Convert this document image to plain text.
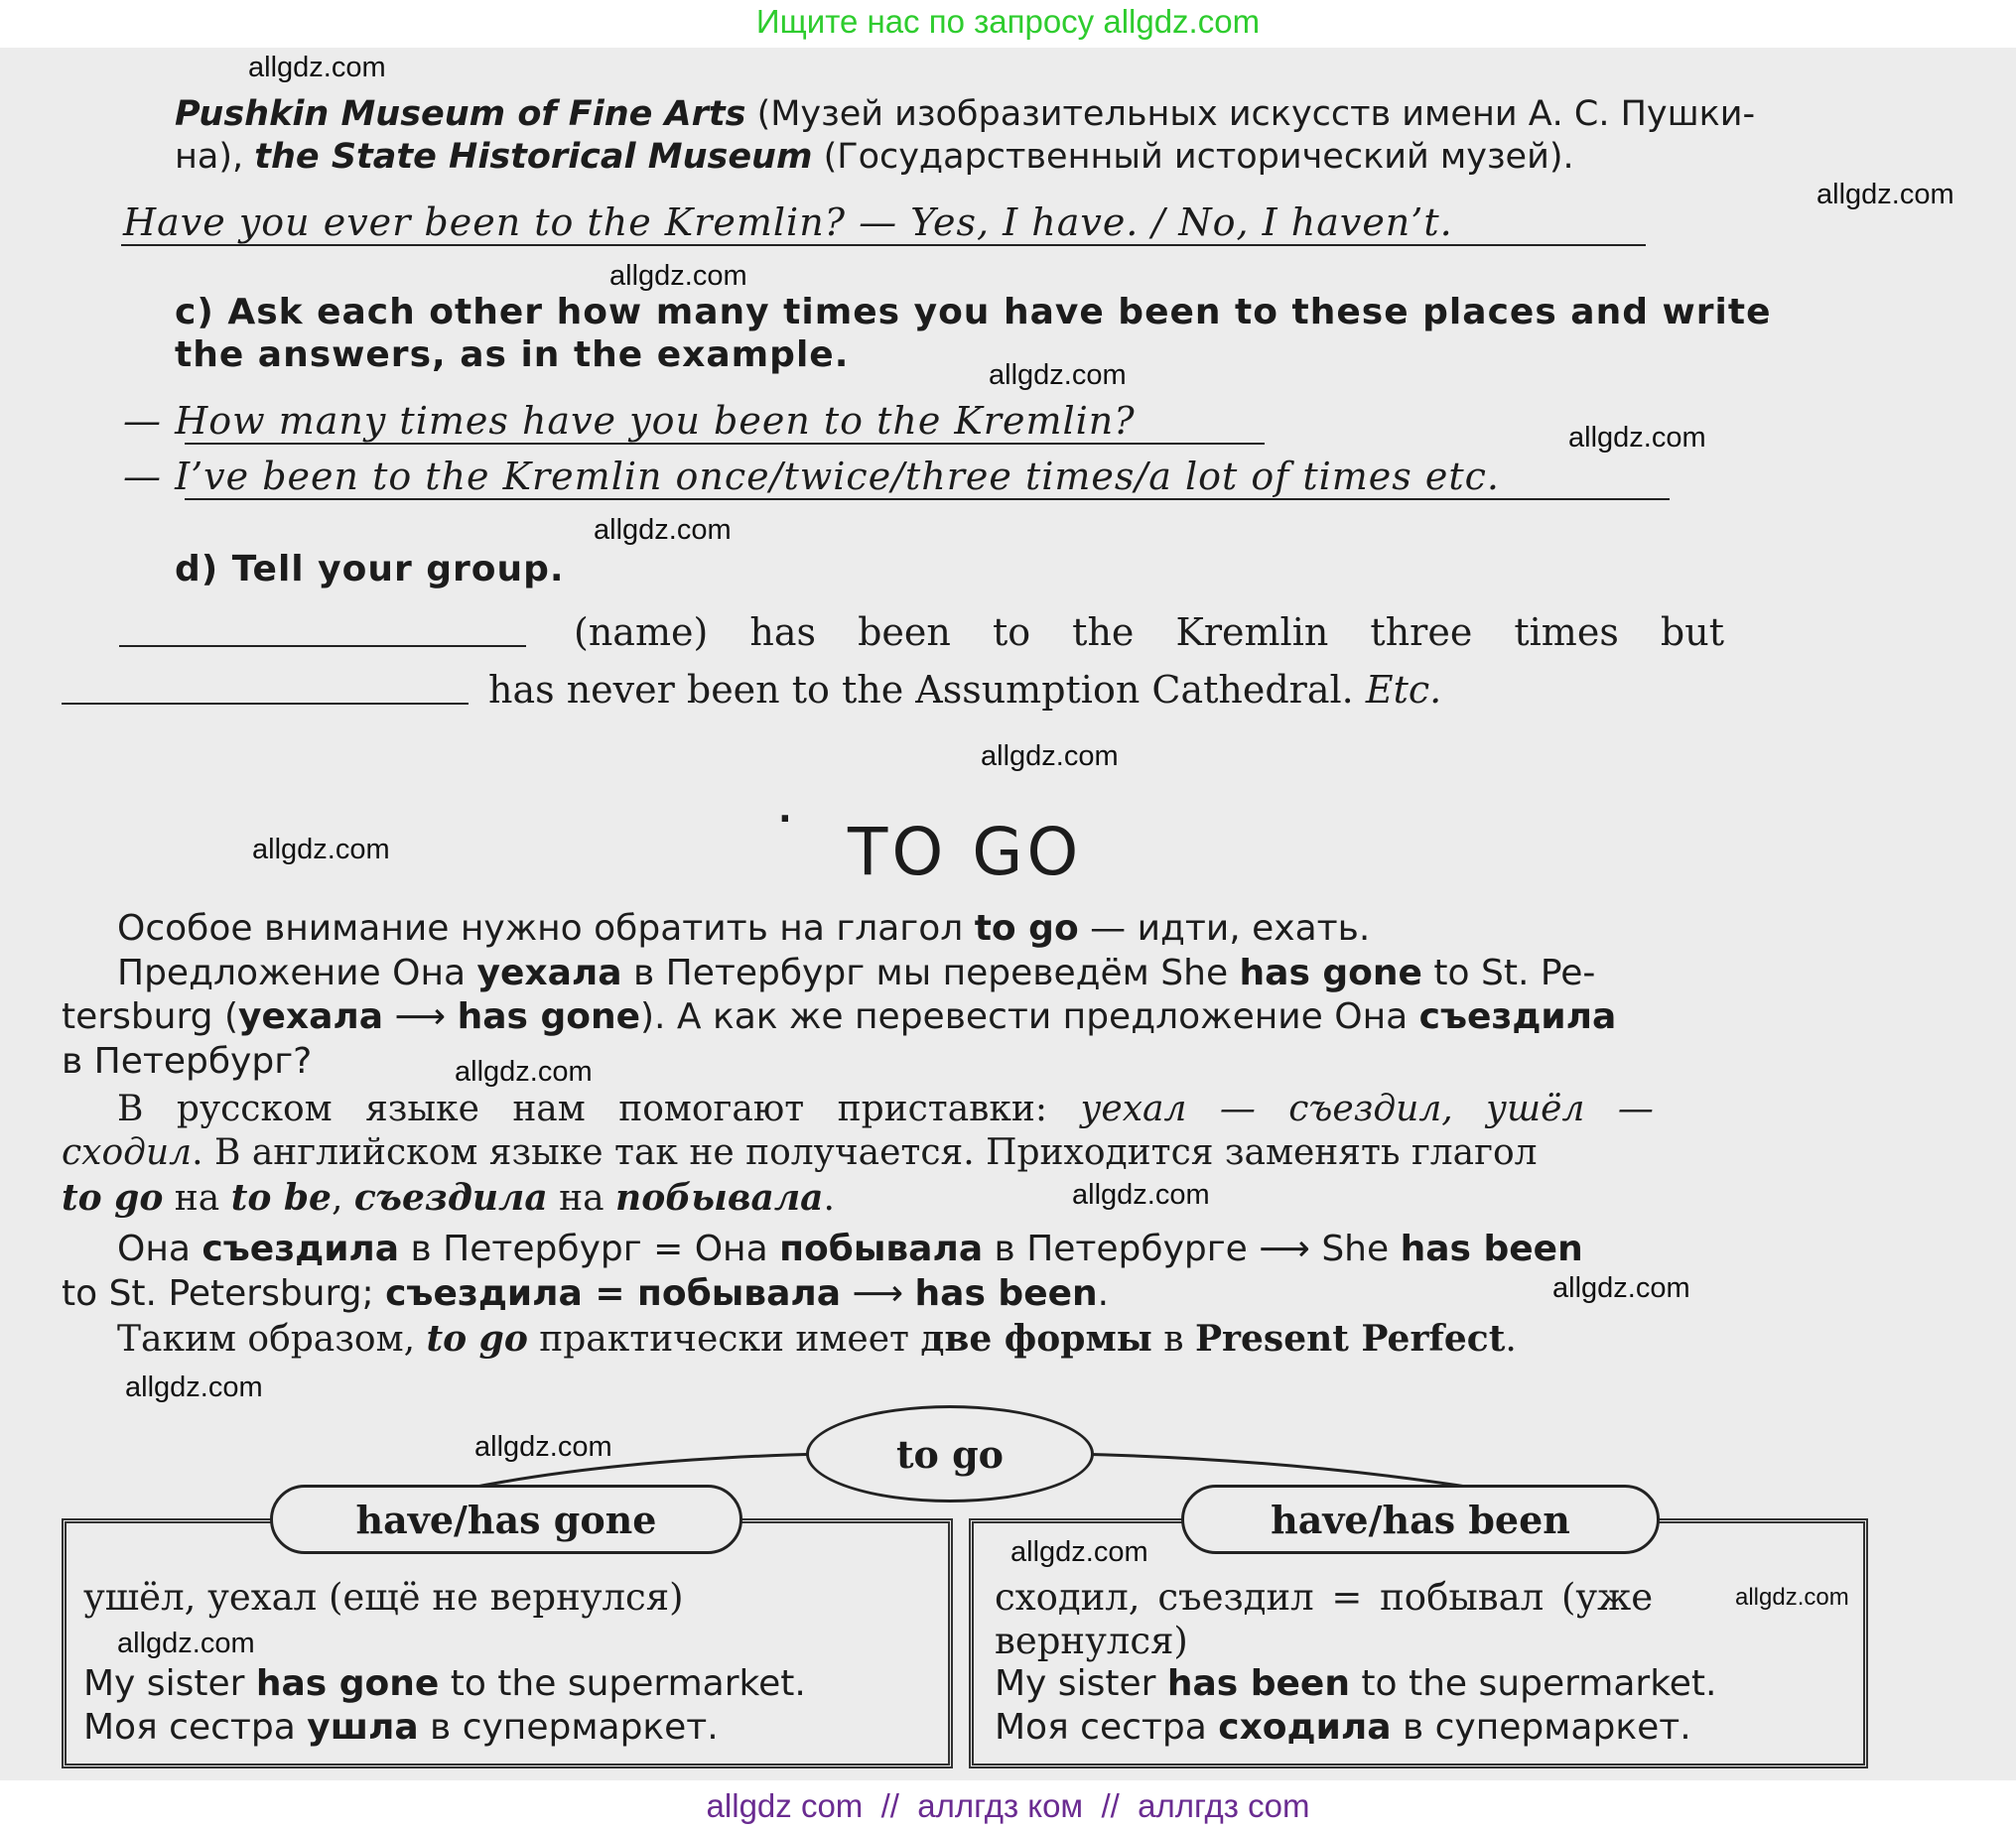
Ищите нас по запросу allgdz.com
Pushkin Museum of Fine Arts (Музей изобразительных искусств имени А. С. Пушки-
на), the State Historical Museum (Государственный исторический музей).
Have you ever been to the Kremlin? — Yes, I have. / No, I haven’t.
c) Ask each other how many times you have been to these places and write
the answers, as in the example.
— How many times have you been to the Kremlin?
— I’ve been to the Kremlin once/twice/three times/a lot of times etc.
d) Tell your group.
(name) has been to the Kremlin three times but
has never been to the Assumption Cathedral. Etc.
.
TO GO
Особое внимание нужно обратить на глагол to go — идти, ехать.
Предложение Она уехала в Петербург мы переведём She has gone to St. Pe-
tersburg (уехала ⟶ has gone). А как же перевести предложение Она съездила
в Петербург?
В русском языке нам помогают приставки: уехал — съездил, ушёл —
сходил. В английском языке так не получается. Приходится заменять глагол
to go на to be, съездила на побывала.
Она съездила в Петербург = Она побывала в Петербурге ⟶ She has been
to St. Petersburg; съездила = побывала ⟶ has been.
Таким образом, to go практически имеет две формы в Present Perfect.
to go
have/has gone	have/has been
ушёл, уехал (ещё не вернулся)
My sister has gone to the supermarket.
Моя сестра ушла в супермаркет.
сходил, съездил = побывал (уже
вернулся)
My sister has been to the supermarket.
Моя сестра сходила в супермаркет.
allgdz.com
allgdz.com
allgdz.com
allgdz.com
allgdz.com
allgdz.com
allgdz.com
allgdz.com
allgdz.com
allgdz.com
allgdz.com
allgdz.com
allgdz.com
allgdz.com
allgdz.com
allgdz.com
allgdz com  //  аллгдз ком  //  аллгдз com
